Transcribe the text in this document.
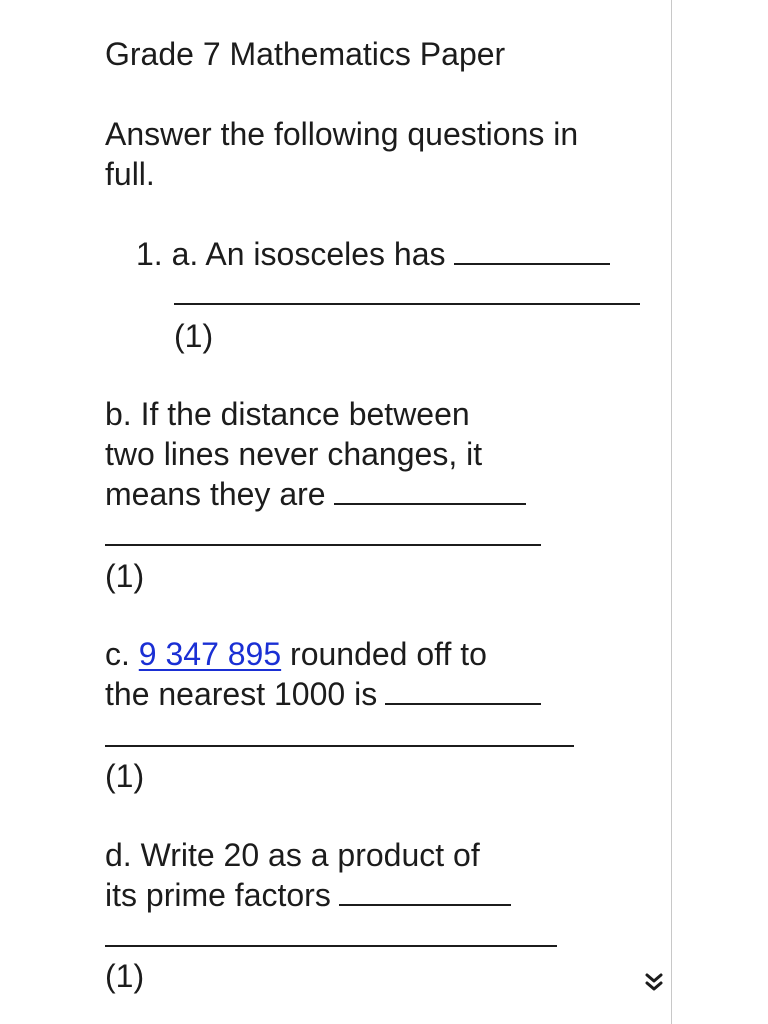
Grade 7 Mathematics Paper
Answer the following questions in
full.
1. a. An isosceles has
(1)
b. If the distance between
two lines never changes, it
means they are
(1)
c. 9 347 895 rounded off to
the nearest 1000 is
(1)
d. Write 20 as a product of
its prime factors
(1)
